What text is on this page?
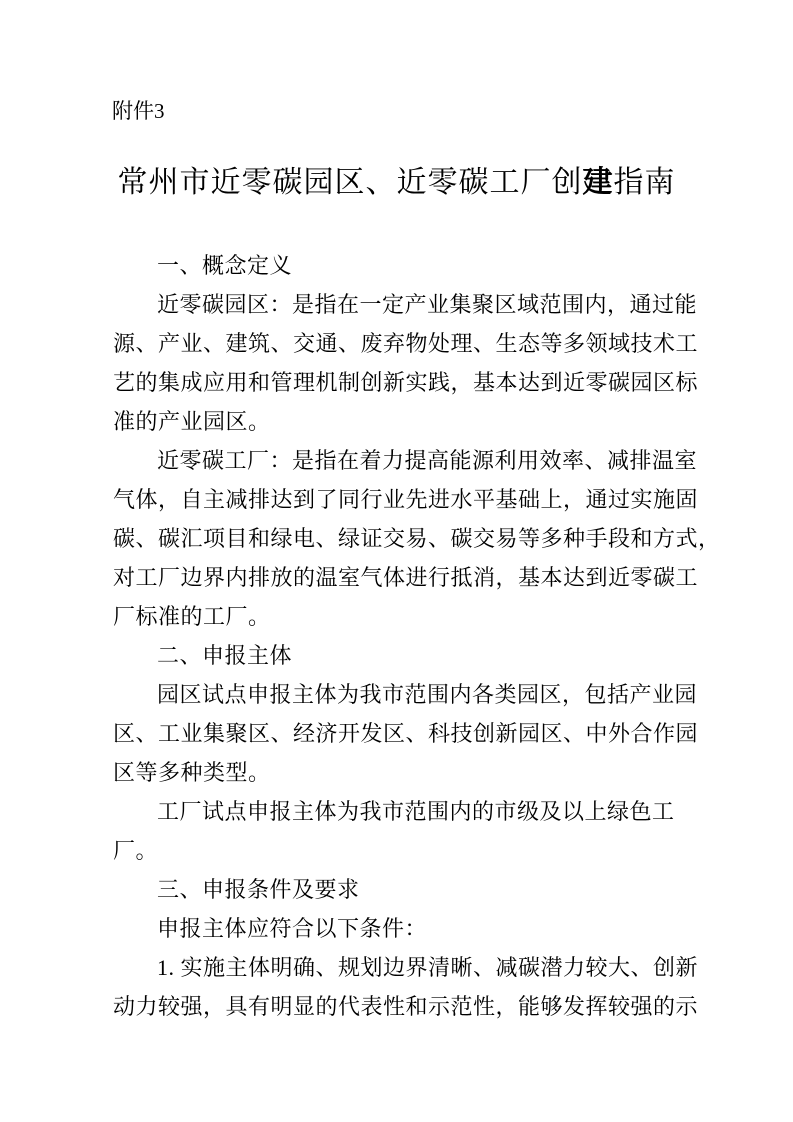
附件3
常州市近零碳园区、近零碳工厂创建指南
一、概念定义
近零碳园区：是指在一定产业集聚区域范围内，通过能
源、产业、建筑、交通、废弃物处理、生态等多领域技术工
艺的集成应用和管理机制创新实践，基本达到近零碳园区标
准的产业园区。
近零碳工厂：是指在着力提高能源利用效率、减排温室
气体，自主减排达到了同行业先进水平基础上，通过实施固
碳、碳汇项目和绿电、绿证交易、碳交易等多种手段和方式，
对工厂边界内排放的温室气体进行抵消，基本达到近零碳工
厂标准的工厂。
二、申报主体
园区试点申报主体为我市范围内各类园区，包括产业园
区、工业集聚区、经济开发区、科技创新园区、中外合作园
区等多种类型。
工厂试点申报主体为我市范围内的市级及以上绿色工
厂。
三、申报条件及要求
申报主体应符合以下条件：
1. 实施主体明确、规划边界清晰、减碳潜力较大、创新
动力较强，具有明显的代表性和示范性，能够发挥较强的示
